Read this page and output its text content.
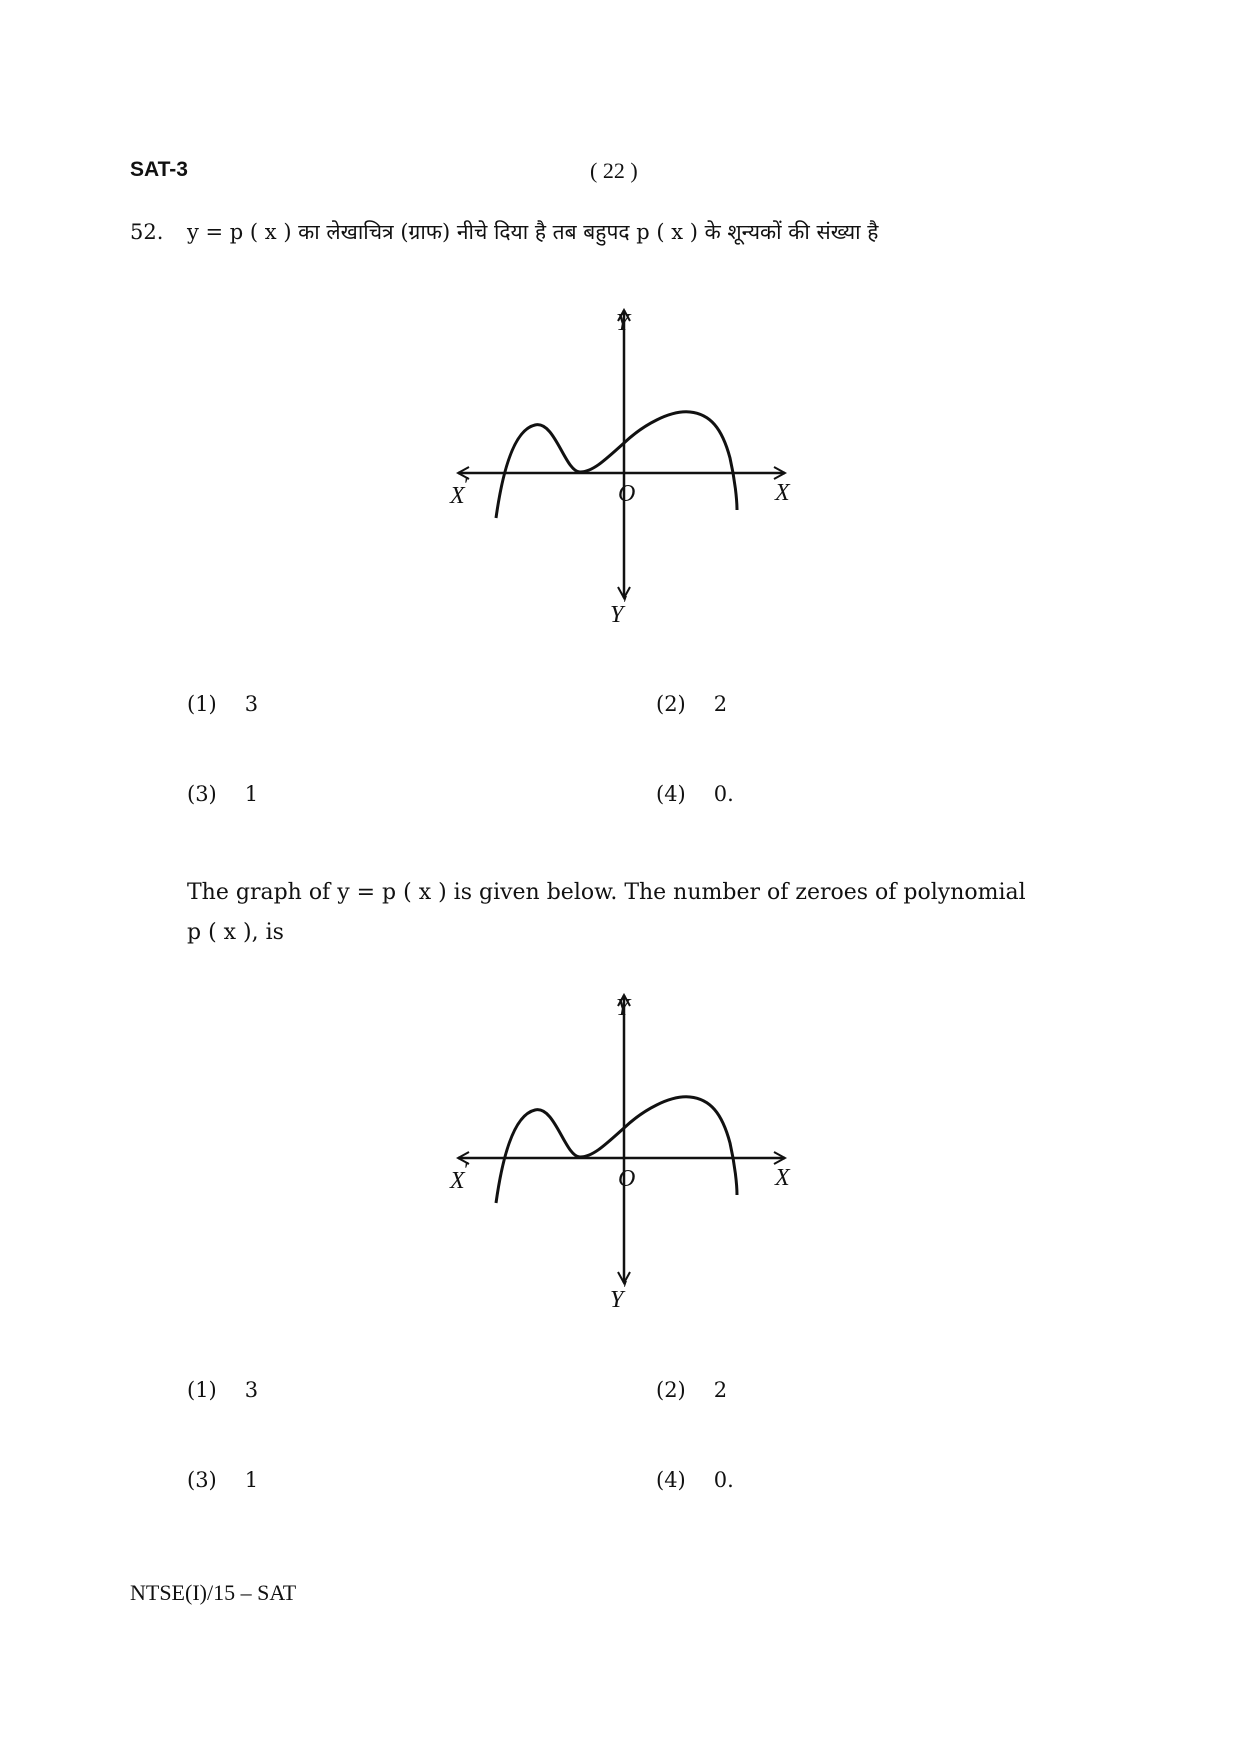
SAT-3	( 22 )
52. y = p ( x ) का लेखाचित्र (ग्राफ) नीचे दिया है तब बहुपद p ( x ) के शून्यकों की संख्या है
Y
X
X′	O
Y′
(1) 3	(2) 2
(3) 1	(4) 0.
The graph of y = p ( x ) is given below. The number of zeroes of polynomial
p ( x ), is
Y
X
X′	O
Y′
(1) 3	(2) 2
(3) 1	(4) 0.
NTSE(I)/15 – SAT
